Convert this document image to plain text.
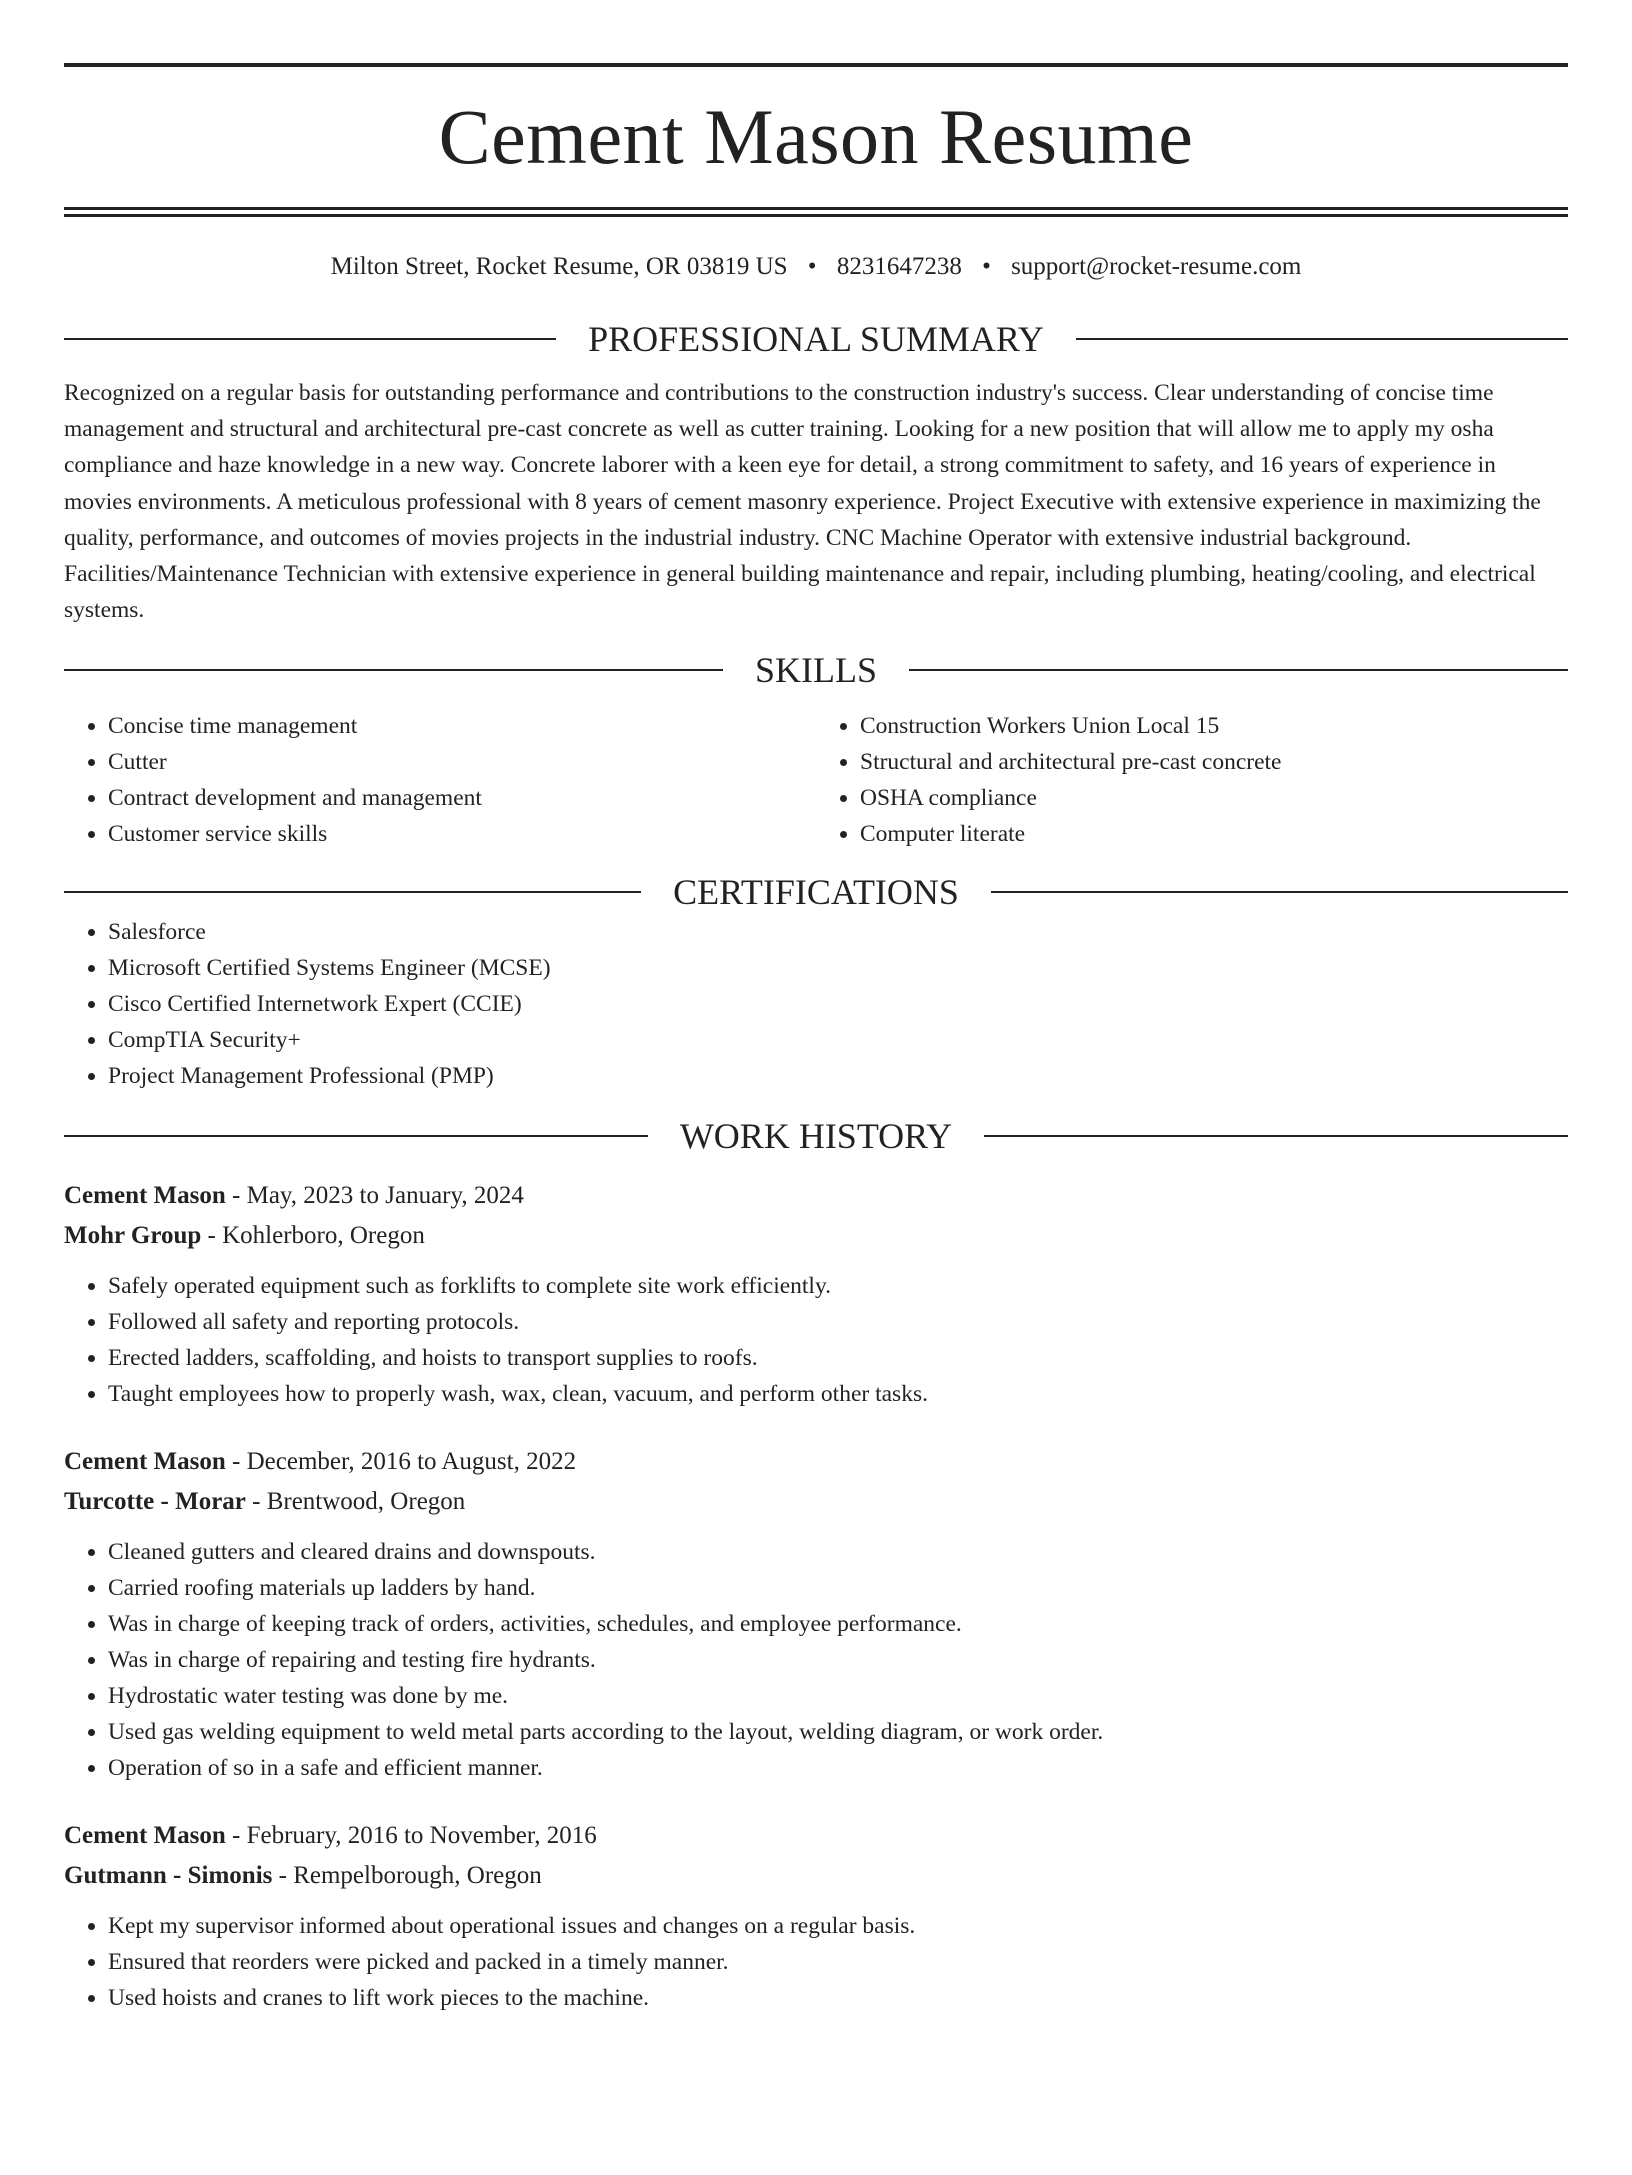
Cement Mason Resume
Milton Street, Rocket Resume, OR 03819 US • 8231647238 • support@rocket-resume.com
PROFESSIONAL SUMMARY

Recognized on a regular basis for outstanding performance and contributions to the construction industry's success. Clear understanding of concise time management and structural and architectural pre-cast concrete as well as cutter training. Looking for a new position that will allow me to apply my osha compliance and haze knowledge in a new way. Concrete laborer with a keen eye for detail, a strong commitment to safety, and 16 years of experience in movies environments. A meticulous professional with 8 years of cement masonry experience. Project Executive with extensive experience in maximizing the quality, performance, and outcomes of movies projects in the industrial industry. CNC Machine Operator with extensive industrial background. Facilities/Maintenance Technician with extensive experience in general building maintenance and repair, including plumbing, heating/cooling, and electrical systems.

SKILLS
• Concise time management
• Cutter
• Contract development and management
• Customer service skills
• Construction Workers Union Local 15
• Structural and architectural pre-cast concrete
• OSHA compliance
• Computer literate
CERTIFICATIONS
• Salesforce
• Microsoft Certified Systems Engineer (MCSE)
• Cisco Certified Internetwork Expert (CCIE)
• CompTIA Security+
• Project Management Professional (PMP)
WORK HISTORY

Cement Mason - May, 2023 to January, 2024

Mohr Group - Kohlerboro, Oregon

• Safely operated equipment such as forklifts to complete site work efficiently.
• Followed all safety and reporting protocols.
• Erected ladders, scaffolding, and hoists to transport supplies to roofs.
• Taught employees how to properly wash, wax, clean, vacuum, and perform other tasks.

Cement Mason - December, 2016 to August, 2022

Turcotte - Morar - Brentwood, Oregon

• Cleaned gutters and cleared drains and downspouts.
• Carried roofing materials up ladders by hand.
• Was in charge of keeping track of orders, activities, schedules, and employee performance.
• Was in charge of repairing and testing fire hydrants.
• Hydrostatic water testing was done by me.
• Used gas welding equipment to weld metal parts according to the layout, welding diagram, or work order.
• Operation of so in a safe and efficient manner.

Cement Mason - February, 2016 to November, 2016

Gutmann - Simonis - Rempelborough, Oregon

• Kept my supervisor informed about operational issues and changes on a regular basis.
• Ensured that reorders were picked and packed in a timely manner.
• Used hoists and cranes to lift work pieces to the machine.
